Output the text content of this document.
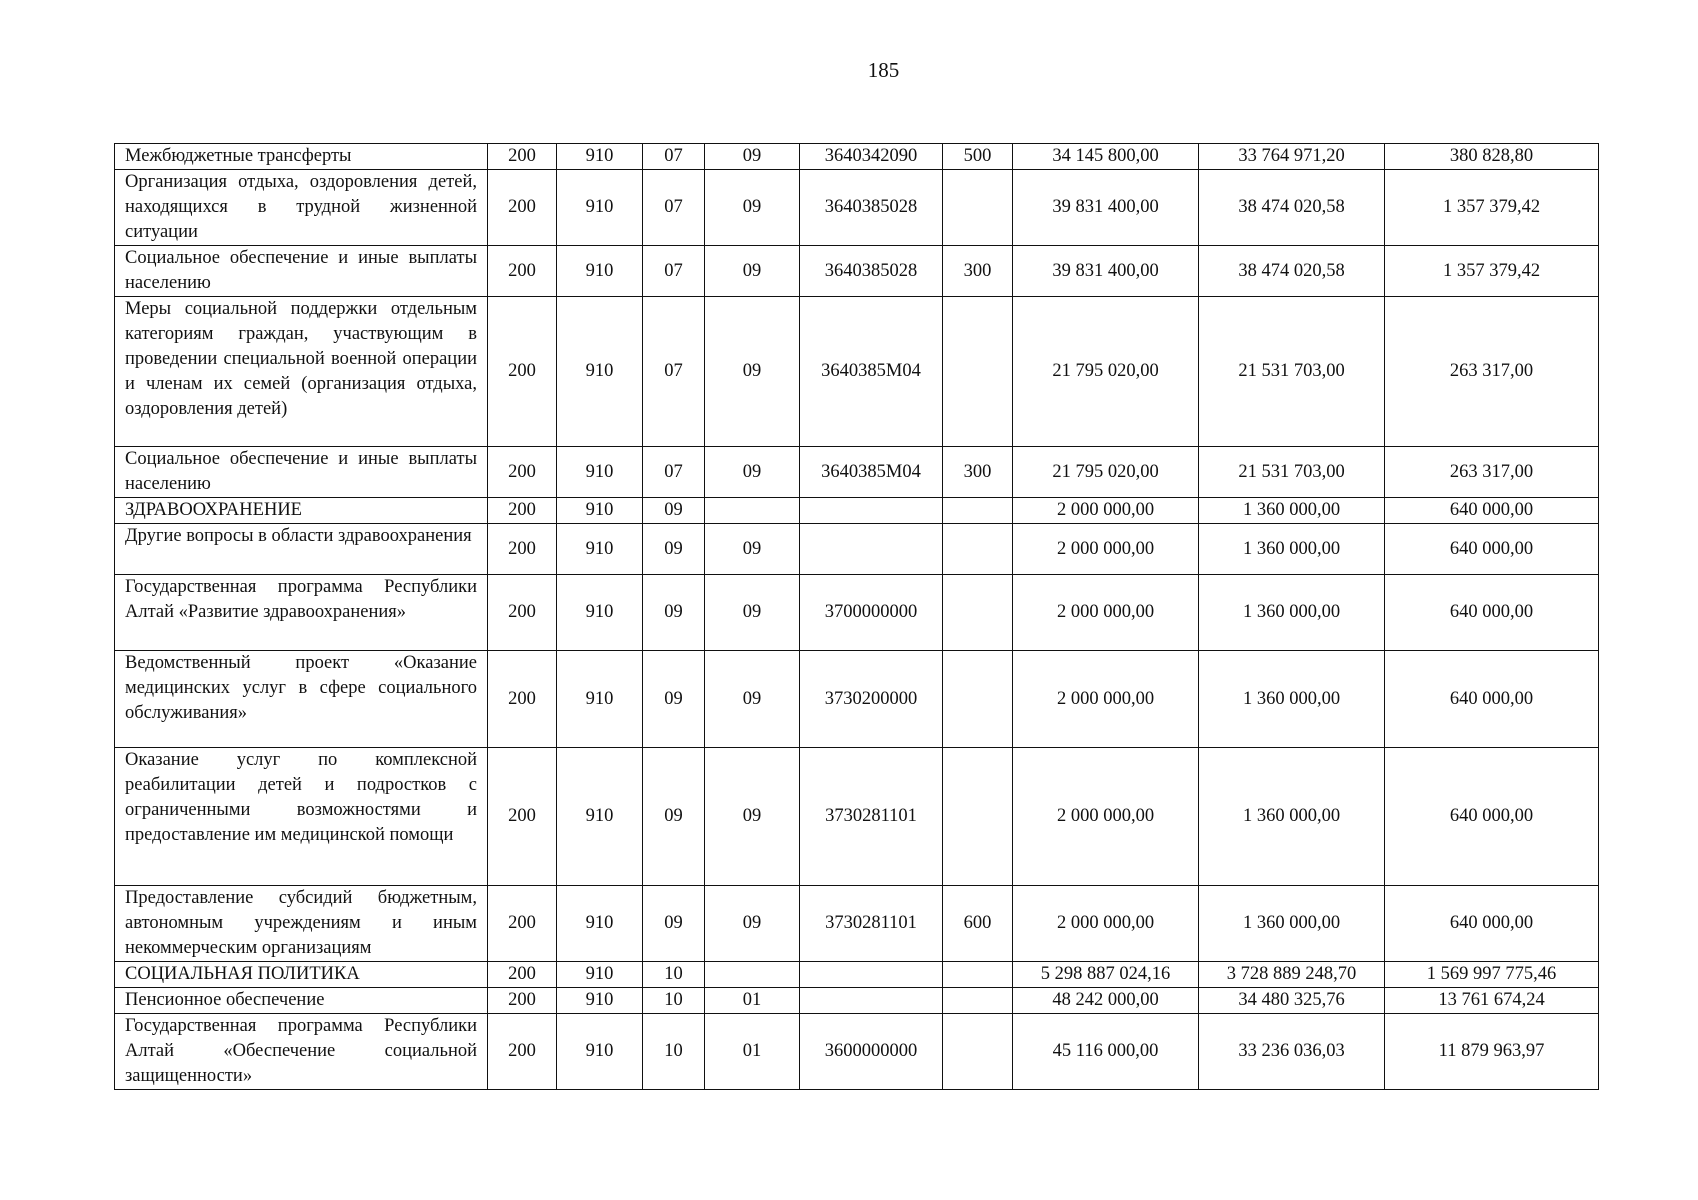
185
Межбюджетные трансферты	200	910	07	09	3640342090	500	34 145 800,00	33 764 971,20	380 828,80
Организация отдыха, оздоровления детей, находящихся в трудной жизненной ситуации	200	910	07	09	3640385028		39 831 400,00	38 474 020,58	1 357 379,42
Социальное обеспечение и иные выплаты населению	200	910	07	09	3640385028	300	39 831 400,00	38 474 020,58	1 357 379,42
Меры социальной поддержки отдельным категориям граждан, участвующим в проведении специальной военной операции и членам их семей (организация отдыха, оздоровления детей)	200	910	07	09	3640385М04		21 795 020,00	21 531 703,00	263 317,00
Социальное обеспечение и иные выплаты населению	200	910	07	09	3640385М04	300	21 795 020,00	21 531 703,00	263 317,00
ЗДРАВООХРАНЕНИЕ	200	910	09				2 000 000,00	1 360 000,00	640 000,00
Другие вопросы в области здравоохранения	200	910	09	09			2 000 000,00	1 360 000,00	640 000,00
Государственная программа Республики Алтай «Развитие здравоохранения»	200	910	09	09	3700000000		2 000 000,00	1 360 000,00	640 000,00
Ведомственный проект «Оказание медицинских услуг в сфере социального обслуживания»	200	910	09	09	3730200000		2 000 000,00	1 360 000,00	640 000,00
Оказание услуг по комплексной реабилитации детей и подростков с ограниченными возможностями и предоставление им медицинской помощи	200	910	09	09	3730281101		2 000 000,00	1 360 000,00	640 000,00
Предоставление субсидий бюджетным, автономным учреждениям и иным некоммерческим организациям	200	910	09	09	3730281101	600	2 000 000,00	1 360 000,00	640 000,00
СОЦИАЛЬНАЯ ПОЛИТИКА	200	910	10				5 298 887 024,16	3 728 889 248,70	1 569 997 775,46
Пенсионное обеспечение	200	910	10	01			48 242 000,00	34 480 325,76	13 761 674,24
Государственная программа Республики Алтай «Обеспечение социальной защищенности»	200	910	10	01	3600000000		45 116 000,00	33 236 036,03	11 879 963,97
